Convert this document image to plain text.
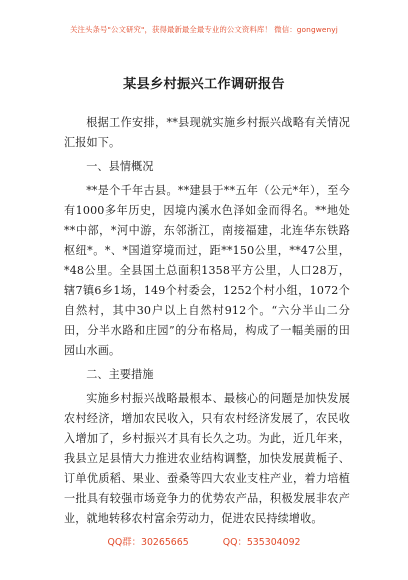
关注头条号"公文研究"，获得最新最全最专业的公文资料库！ 微信：gongwenyj
某县乡村振兴工作调研报告

根据工作安排，**县现就实施乡村振兴战略有关情况汇报如下。

一、县情概况

**是个千年古县。**建县于**五年（公元*年），至今有1000多年历史，因境内溪水色泽如金而得名。**地处**中部，*河中游，东邻浙江，南接福建，北连华东铁路枢纽*。*、*国道穿境而过，距**150公里，**47公里，*48公里。全县国土总面积1358平方公里，人口28万，辖7镇6乡1场，149个村委会，1252个村小组，1072个自然村，其中30户以上自然村912个。“六分半山二分田，分半水路和庄园”的分布格局，构成了一幅美丽的田园山水画。

二、主要措施

实施乡村振兴战略最根本、最核心的问题是加快发展农村经济，增加农民收入，只有农村经济发展了，农民收入增加了，乡村振兴才具有长久之功。为此，近几年来，我县立足县情大力推进农业结构调整，加快发展黄栀子、订单优质稻、果业、蚕桑等四大农业支柱产业，着力培植一批具有较强市场竞争力的优势农产品，积极发展非农产业，就地转移农村富余劳动力，促进农民持续增收。

QQ群：30265665	QQ：535304092
